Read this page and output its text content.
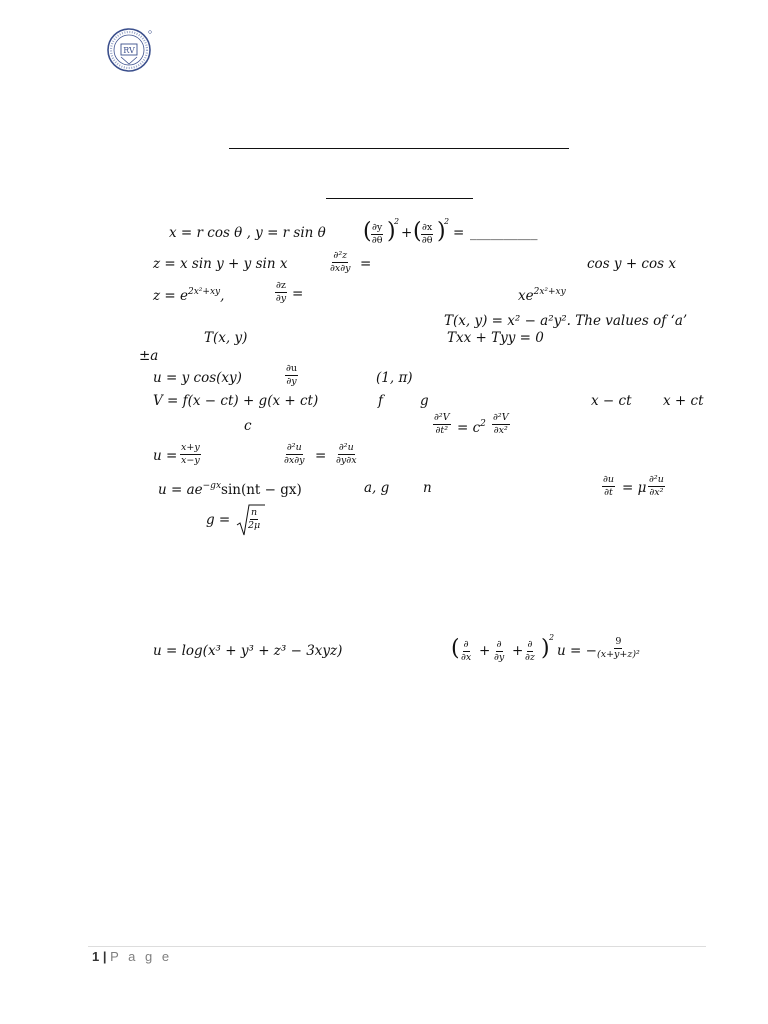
RV
x = r cos θ , y = r sin θ ( $\frac{\partial y}{\partial\theta}$ )
2
+ ( $\frac{\partial x}{\partial\theta}$ )
2
= __________
z = x sin y + y sin x	$\frac{\text{∂²z}}{\partial x\partial y}$ =	cos y + cos x
$z = e^{2x^2+xy}$,	$\frac{\partial z}{\partial y}$ =	$xe^{2x^2+xy}$
T(x, y) = x² − a²y². The values of ‘a’
T(x, y)	Txx + Tyy = 0
±a
u = y cos(xy)	$\frac{\partial u}{\partial y}$	(1, π)
V = f(x − ct) + g(x + ct)	f	g	x − ct x + ct
c	$\frac{\text{∂²V}}{\text{∂t²}} = c^2 \frac{\text{∂²V}}{\text{∂x²}}$
$u = \frac{x+y}{x-y}$	$\frac{\text{∂²u}}{\partial x\partial y} = \frac{\text{∂²u}}{\partial y\partial x}$
$u = ae^{-gx}\sin(nt - gx)$	a, g n	$\frac{\partial u}{\partial t} = \mu \frac{\text{∂²u}}{\text{∂x²}}$
$g = \frac{n}{2\mu}$
u = log(x³ + y³ + z³ − 3xyz)	( ∂
∂x + ∂
∂y + ∂
∂z ) 2
u = − $\frac{9}{\text{(x+y+z)²}}$
1 | P a g e
